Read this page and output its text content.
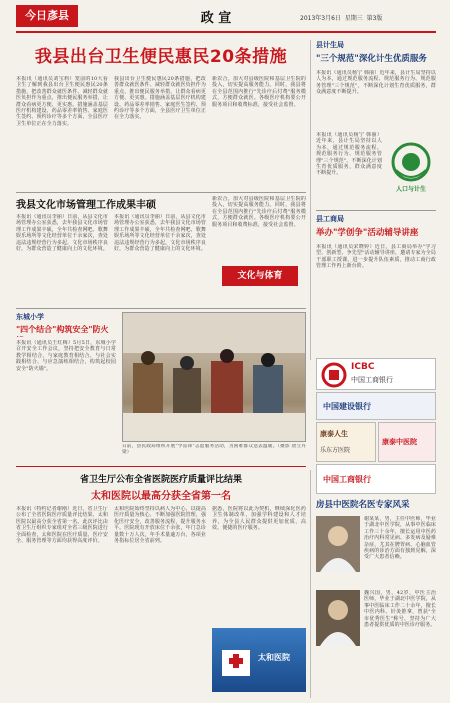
今日彥县	政 宣	2013年3月6日 星期三 第3版
我县出台卫生便民惠民20条措施
本报讯（通讯员刘宝莉）笼前的10大看卫生了解到我县出台卫生便民惠民20条措施，把改善群众就医条件、减轻群众就医负担作为重点，推出便民服务举措，让群众看病更方便、更实惠。措施涵盖基层医疗机构建设、药品零差率销售、家庭医生签约、预约诊疗等多个方面，全县医疗卫生单位正在全力落实。
我县出台卫生便民惠民20条措施，把改善群众就医条件、减轻群众就医负担作为重点，推出便民服务举措，让群众看病更方便、更实惠。措施涵盖基层医疗机构建设、药品零差率销售、家庭医生签约、预约诊疗等多个方面，全县医疗卫生单位正在全力落实。
新农合。加大对县级医院和基层卫生院的投入，切实提高服务能力。同时，我县将在全县范围内推行"先诊疗后付费"服务模式，方便群众就医。各级医疗机构要公开服务项目和收费标准，接受社会监督。
我县文化市场管理工作成果丰硕
本报讯（通讯员李丽）日前，从县文化市场管理办公室获悉，去年我县文化市场管理工作成果丰硕，全年共检查网吧、歌舞娱乐场所等文化经营单位千余家次，查处违法违规经营行为多起，文化市场秩序良好，为群众营造了健康向上的文化环境。
本报讯（通讯员李丽）日前，从县文化市场管理办公室获悉，去年我县文化市场管理工作成果丰硕，全年共检查网吧、歌舞娱乐场所等文化经营单位千余家次，查处违法违规经营行为多起，文化市场秩序良好，为群众营造了健康向上的文化环境。
新农合。加大对县级医院和基层卫生院的投入，切实提高服务能力。同时，我县将在全县范围内推行"先诊疗后付费"服务模式，方便群众就医。各级医疗机构要公开服务项目和收费标准，接受社会监督。
文化与体育
东城小学
"四个结合"构筑安全"防火
本报讯（通讯员王红梅）5月5日，东城小学召开安全工作会议，坚持把安全教育与日常教学相结合、与家庭教育相结合、与社会实践相结合、与应急演练相结合，构筑起校园安全"防火墙"。
日前，县民政局组织开展"学雷锋"志愿服务活动，为困难群众送去温暖。（摄影 唐立丹 梁）
县计生局
"三个规范"深化计生优质服务
本报讯（通讯员杨宁 韩丽）近年来，县计生局坚持以人为本，通过规范服务流程、规范服务行为、规范服务管理"三个规范"，不断深化计划生育优质服务，群众满意度不断提升。
本报讯（通讯员杨宁 韩丽）近年来，县计生局坚持以人为本，通过规范服务流程、规范服务行为、规范服务管理"三个规范"，不断深化计划生育优质服务，群众满意度不断提升。
人口与计生
县工商局
举办"学创争"活动辅导讲座
本报讯（通讯员宋晓婷）近日，县工商局举办"学习型、创新型、争先型"活动辅导讲座，邀请专家为全局干部职工授课，进一步提升队伍素质，推动工商行政管理工作再上新台阶。
ICBC
中国工商银行
中国建设银行
康泰人生
乐东方医院
康泰中医院
中国工商银行
省卫生厅公布全省医院医疗质量评比结果
太和医院以最高分获全省第一名
本报讯（特约记者谢刚）近日，省卫生厅公布了全省医院医疗质量评比结果，太和医院以最高分获全省第一名。此次评比由省卫生厅组织专家组对全省三级医院进行全面检查，太和医院在医疗质量、医疗安全、服务管理等方面均获得高度评价。
太和医院始终坚持以病人为中心，以提高医疗质量为核心，不断加强医院管理，强化医疗安全，改善服务流程，提升服务水平。医院现有开放床位千余张，年门急诊量数十万人次，年手术量逾万台，各项业务指标位居全省前列。
据悉，医院将以此为契机，继续深化医药卫生体制改革，加强学科建设和人才培养，为全县人民群众提供更加优质、高效、便捷的医疗服务。
太和医院
房县中医院名医专家风采
谢某某，男，主任中医师，毕业于湖北中医学院，从事中医临床工作三十余年，擅长运用中医药治疗内科常见病、多发病及疑难杂症，尤其在脾胃病、心脑血管疾病的诊治方面有独到见解，深受广大患者信赖。
魏兴国，男，42岁，中医主治医师，毕业于湖北中医学院，从事中医临床工作二十余年，擅长中医内科、针灸推拿，曾获"全市优秀医生"称号，坚持为广大患者提供优质的中医诊疗服务。
